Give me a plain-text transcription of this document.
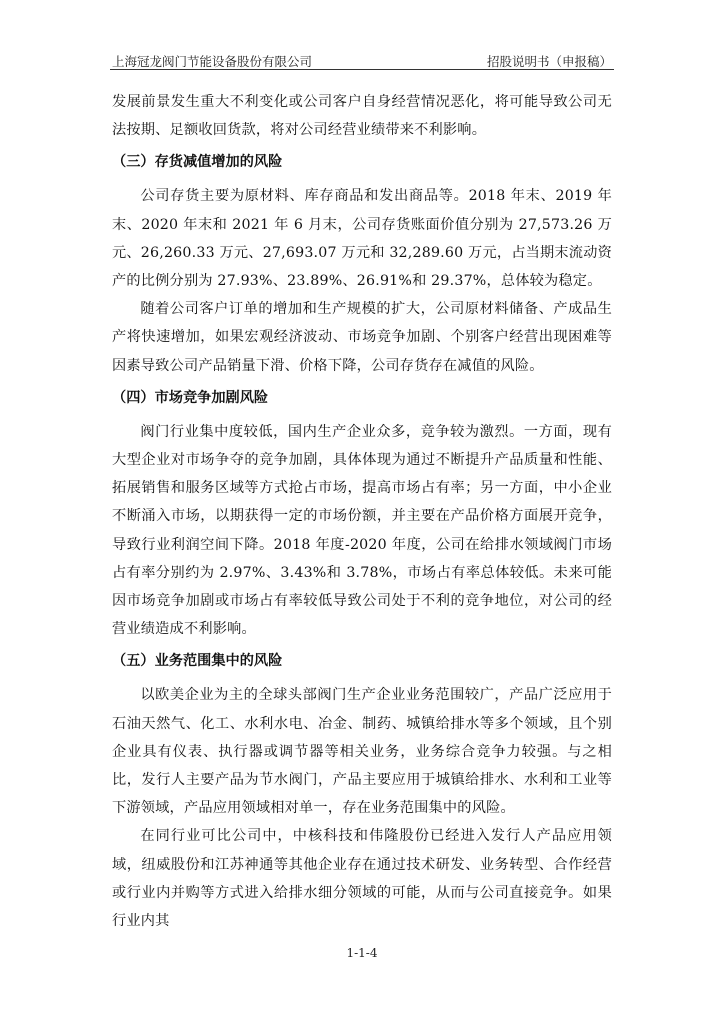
上海冠龙阀门节能设备股份有限公司	招股说明书（申报稿）

发展前景发生重大不利变化或公司客户自身经营情况恶化，将可能导致公司无法按期、足额收回货款，将对公司经营业绩带来不利影响。

（三）存货减值增加的风险

公司存货主要为原材料、库存商品和发出商品等。2018 年末、2019 年末、2020 年末和 2021 年 6 月末，公司存货账面价值分别为 27,573.26 万元、26,260.33 万元、27,693.07 万元和 32,289.60 万元，占当期末流动资产的比例分别为 27.93%、23.89%、26.91%和 29.37%，总体较为稳定。

随着公司客户订单的增加和生产规模的扩大，公司原材料储备、产成品生产将快速增加，如果宏观经济波动、市场竞争加剧、个别客户经营出现困难等因素导致公司产品销量下滑、价格下降，公司存货存在减值的风险。

（四）市场竞争加剧风险

阀门行业集中度较低，国内生产企业众多，竞争较为激烈。一方面，现有大型企业对市场争夺的竞争加剧，具体体现为通过不断提升产品质量和性能、拓展销售和服务区域等方式抢占市场，提高市场占有率；另一方面，中小企业不断涌入市场，以期获得一定的市场份额，并主要在产品价格方面展开竞争，导致行业利润空间下降。2018 年度-2020 年度，公司在给排水领域阀门市场占有率分别约为 2.97%、3.43%和 3.78%，市场占有率总体较低。未来可能因市场竞争加剧或市场占有率较低导致公司处于不利的竞争地位，对公司的经营业绩造成不利影响。

（五）业务范围集中的风险

以欧美企业为主的全球头部阀门生产企业业务范围较广，产品广泛应用于石油天然气、化工、水利水电、冶金、制药、城镇给排水等多个领域，且个别企业具有仪表、执行器或调节器等相关业务，业务综合竞争力较强。与之相比，发行人主要产品为节水阀门，产品主要应用于城镇给排水、水利和工业等下游领域，产品应用领域相对单一，存在业务范围集中的风险。

在同行业可比公司中，中核科技和伟隆股份已经进入发行人产品应用领域，纽威股份和江苏神通等其他企业存在通过技术研发、业务转型、合作经营或行业内并购等方式进入给排水细分领域的可能，从而与公司直接竞争。如果行业内其

1-1-4
